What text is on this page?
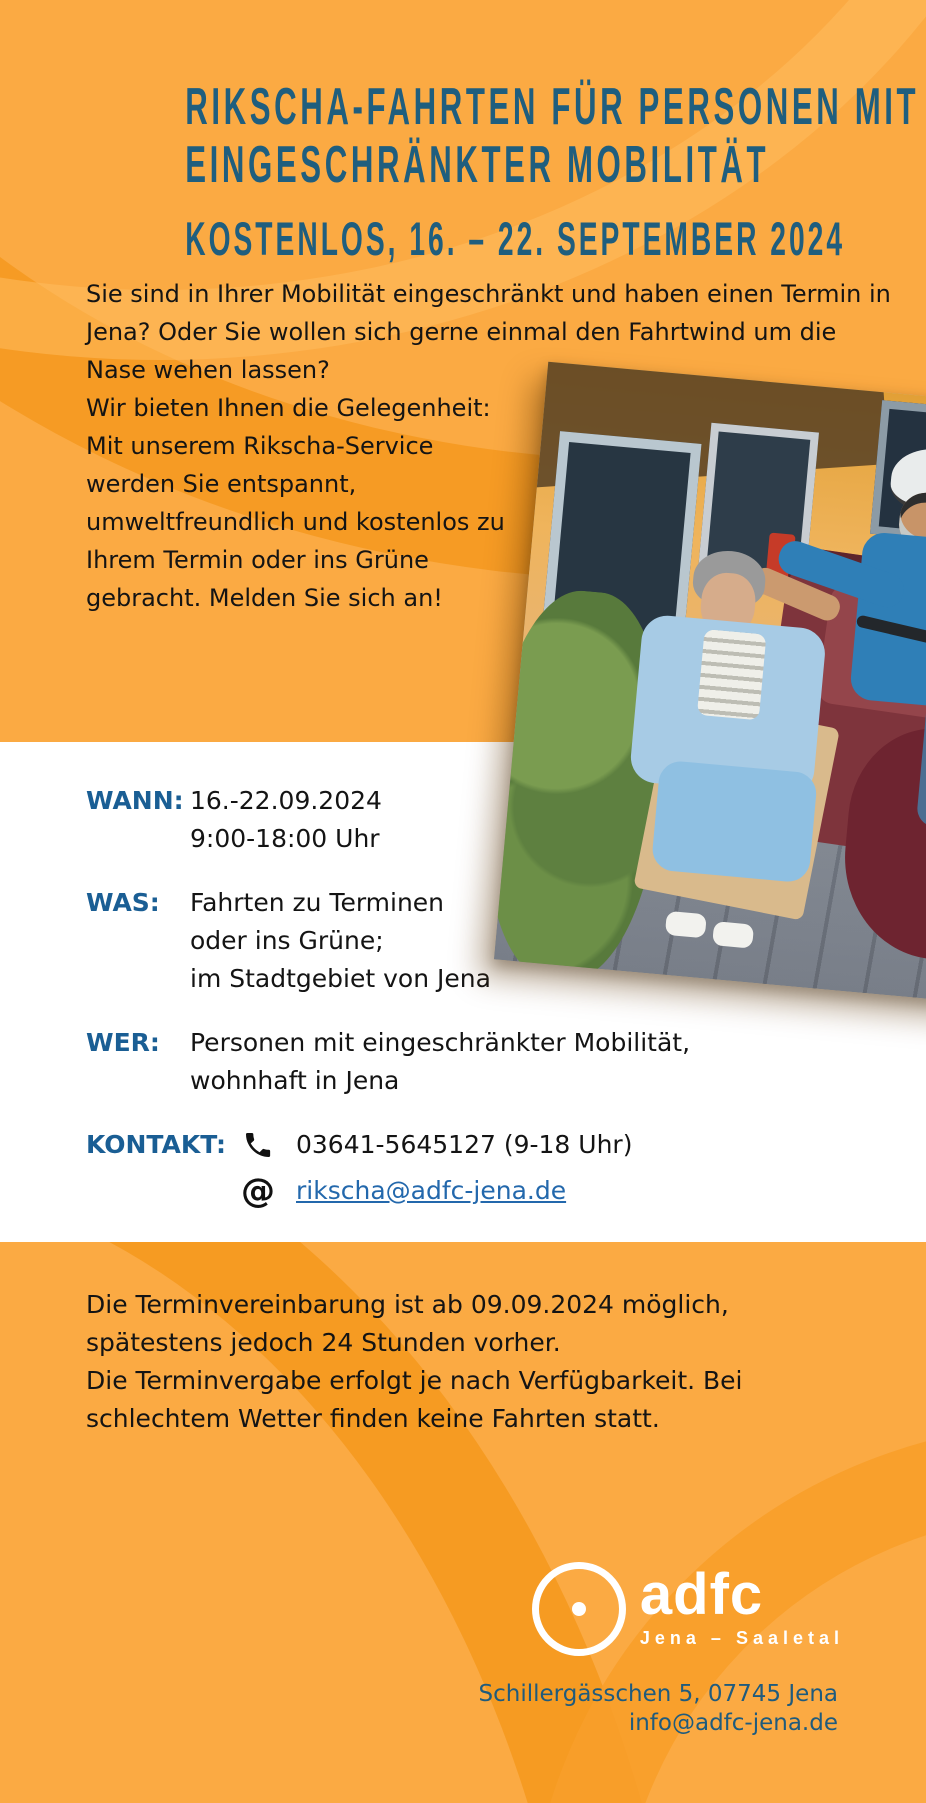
RIKSCHA-FAHRTEN FÜR PERSONEN MIT
EINGESCHRÄNKTER MOBILITÄT
KOSTENLOS, 16. – 22. SEPTEMBER 2024

Sie sind in Ihrer Mobilität eingeschränkt und haben einen Termin in Jena? Oder Sie wollen sich gerne einmal den Fahrtwind um die Nase wehen lassen?

Wir bieten Ihnen die Gelegenheit: Mit unserem Rikscha-Service werden Sie entspannt, umweltfreundlich und kostenlos zu Ihrem Termin oder ins Grüne gebracht. Melden Sie sich an!

WANN: 16.-22.09.2024
9:00-18:00 Uhr
WAS:	Fahrten zu Terminen
oder ins Grüne;
im Stadtgebiet von Jena
WER:	Personen mit eingeschränkter Mobilität,
wohnhaft in Jena
KONTAKT:	03641-5645127 (9-18 Uhr)
@ rikscha@adfc-jena.de

Die Terminvereinbarung ist ab 09.09.2024 möglich, spätestens jedoch 24 Stunden vorher.

Die Terminvergabe erfolgt je nach Verfügbarkeit. Bei schlechtem Wetter finden keine Fahrten statt.

adfc
Jena – Saaletal
Schillergässchen 5, 07745 Jena
info@adfc-jena.de
